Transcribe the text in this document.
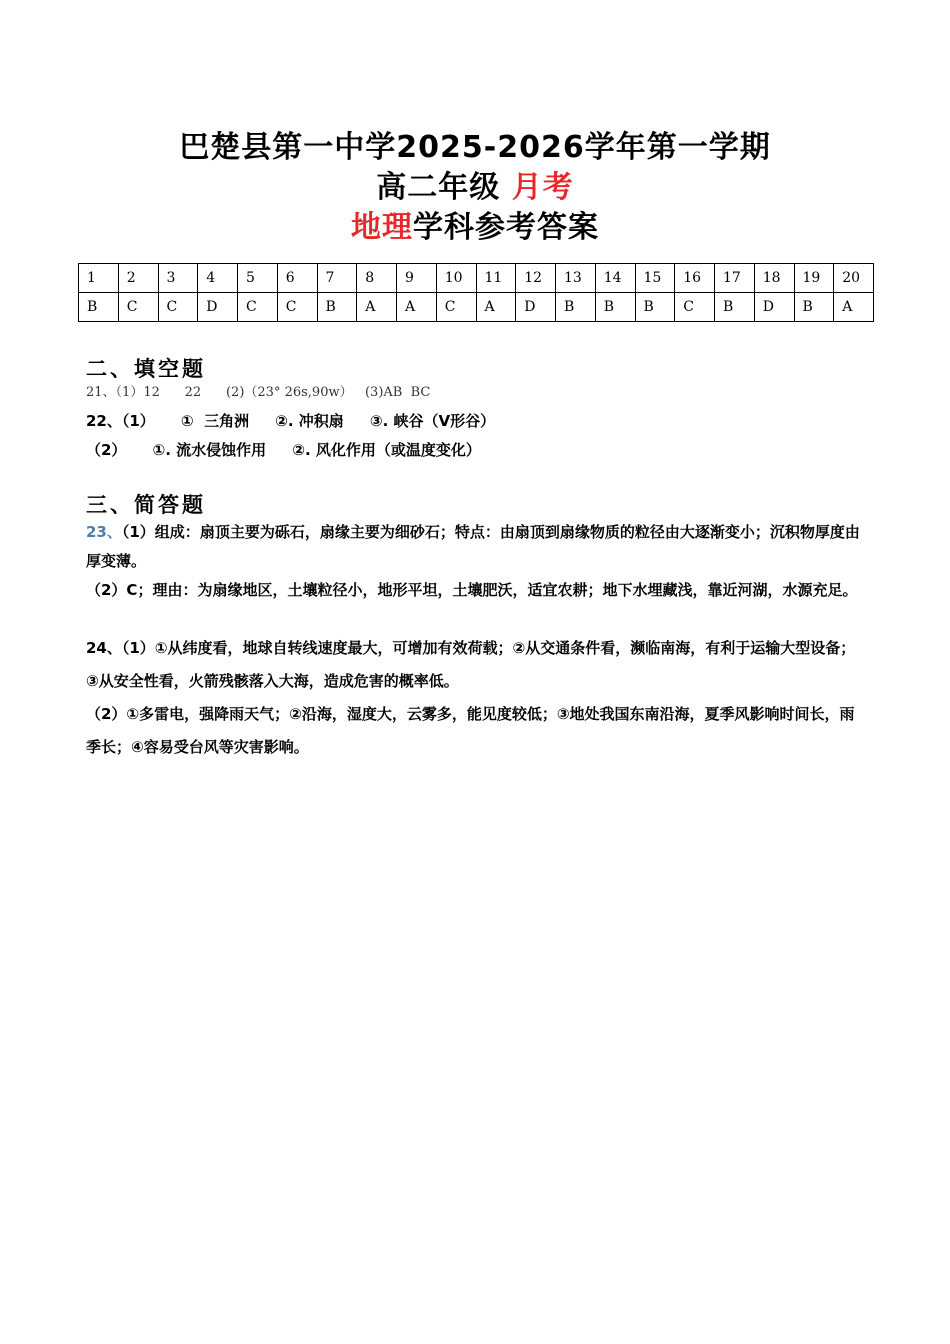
巴楚县第一中学2025-2026学年第一学期
高二年级 月考
地理学科参考答案
1	2	3	4	5	6	7	8	9	10	11	12	13	14	15	16	17	18	19	20
B	C	C	D	C	C	B	A	A	C	A	D	B	B	B	C	B	D	B	A
二、填空题
21、（1）12      22      (2)（23° 26s,90w）   (3)AB  BC
22、（1）     ①  三角洲     ②. 冲积扇     ③. 峡谷（V形谷）
（2）     ①. 流水侵蚀作用     ②. 风化作用（或温度变化）
三、简答题
23、（1）组成：扇顶主要为砾石，扇缘主要为细砂石；特点：由扇顶到扇缘物质的粒径由大逐渐变小；沉积物厚度由厚变薄。
（2）C；理由：为扇缘地区，土壤粒径小，地形平坦，土壤肥沃，适宜农耕；地下水埋藏浅，靠近河湖，水源充足。
24、（1）①从纬度看，地球自转线速度最大，可增加有效荷载；②从交通条件看，濒临南海，有利于运输大型设备；③从安全性看，火箭残骸落入大海，造成危害的概率低。
（2）①多雷电，强降雨天气；②沿海，湿度大，云雾多，能见度较低；③地处我国东南沿海，夏季风影响时间长，雨季长；④容易受台风等灾害影响。
